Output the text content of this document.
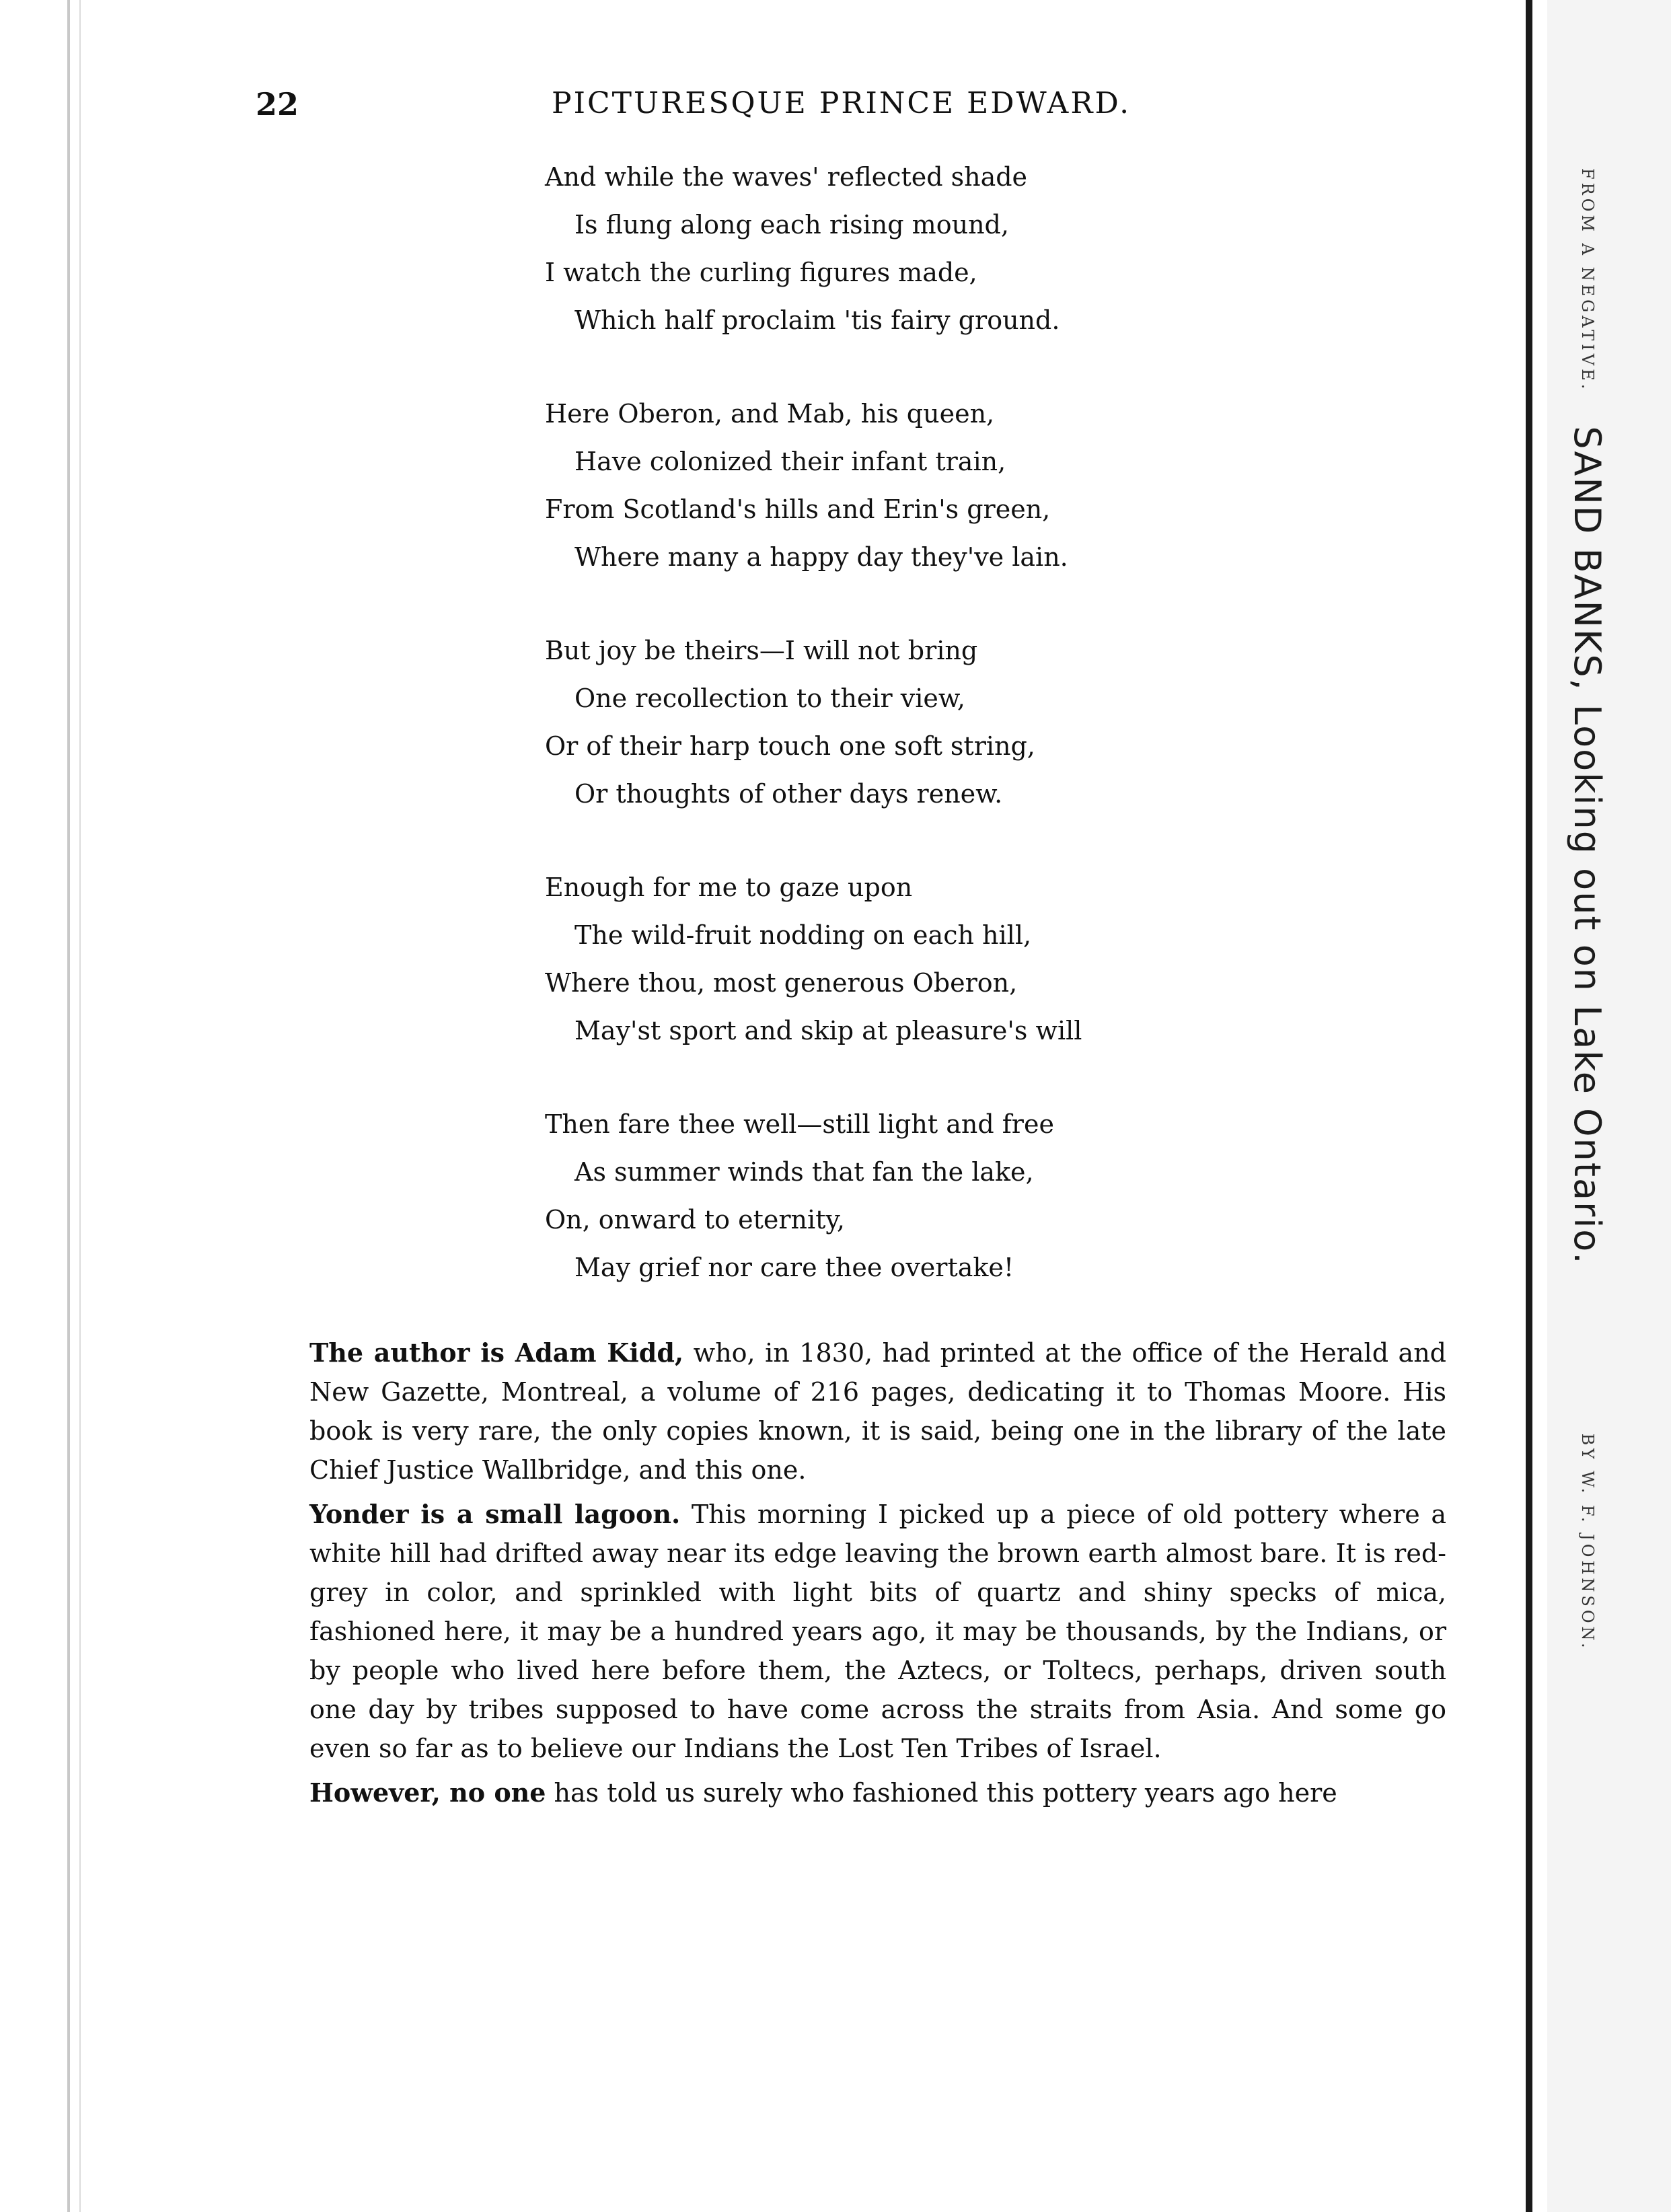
22	PICTURESQUE PRINCE EDWARD.
And while the waves' reflected shade
Is flung along each rising mound,
I watch the curling figures made,
Which half proclaim 'tis fairy ground.
Here Oberon, and Mab, his queen,
Have colonized their infant train,
From Scotland's hills and Erin's green,
Where many a happy day they've lain.
But joy be theirs—I will not bring
One recollection to their view,
Or of their harp touch one soft string,
Or thoughts of other days renew.
Enough for me to gaze upon
The wild-fruit nodding on each hill,
Where thou, most generous Oberon,
May'st sport and skip at pleasure's will
Then fare thee well—still light and free
As summer winds that fan the lake,
On, onward to eternity,
May grief nor care thee overtake!

The author is Adam Kidd, who, in 1830, had printed at the office of the Herald and New Gazette, Montreal, a volume of 216 pages, dedicating it to Thomas Moore. His book is very rare, the only copies known, it is said, being one in the library of the late Chief Justice Wallbridge, and this one.

Yonder is a small lagoon. This morning I picked up a piece of old pottery where a white hill had drifted away near its edge leaving the brown earth almost bare. It is red-grey in color, and sprinkled with light bits of quartz and shiny specks of mica, fashioned here, it may be a hundred years ago, it may be thousands, by the Indians, or by people who lived here before them, the Aztecs, or Toltecs, perhaps, driven south one day by tribes supposed to have come across the straits from Asia. And some go even so far as to believe our Indians the Lost Ten Tribes of Israel.

However, no one has told us surely who fashioned this pottery years ago here

FROM A NEGATIVE.
SAND BANKS, Looking out on Lake Ontario.
BY W. F. JOHNSON.
